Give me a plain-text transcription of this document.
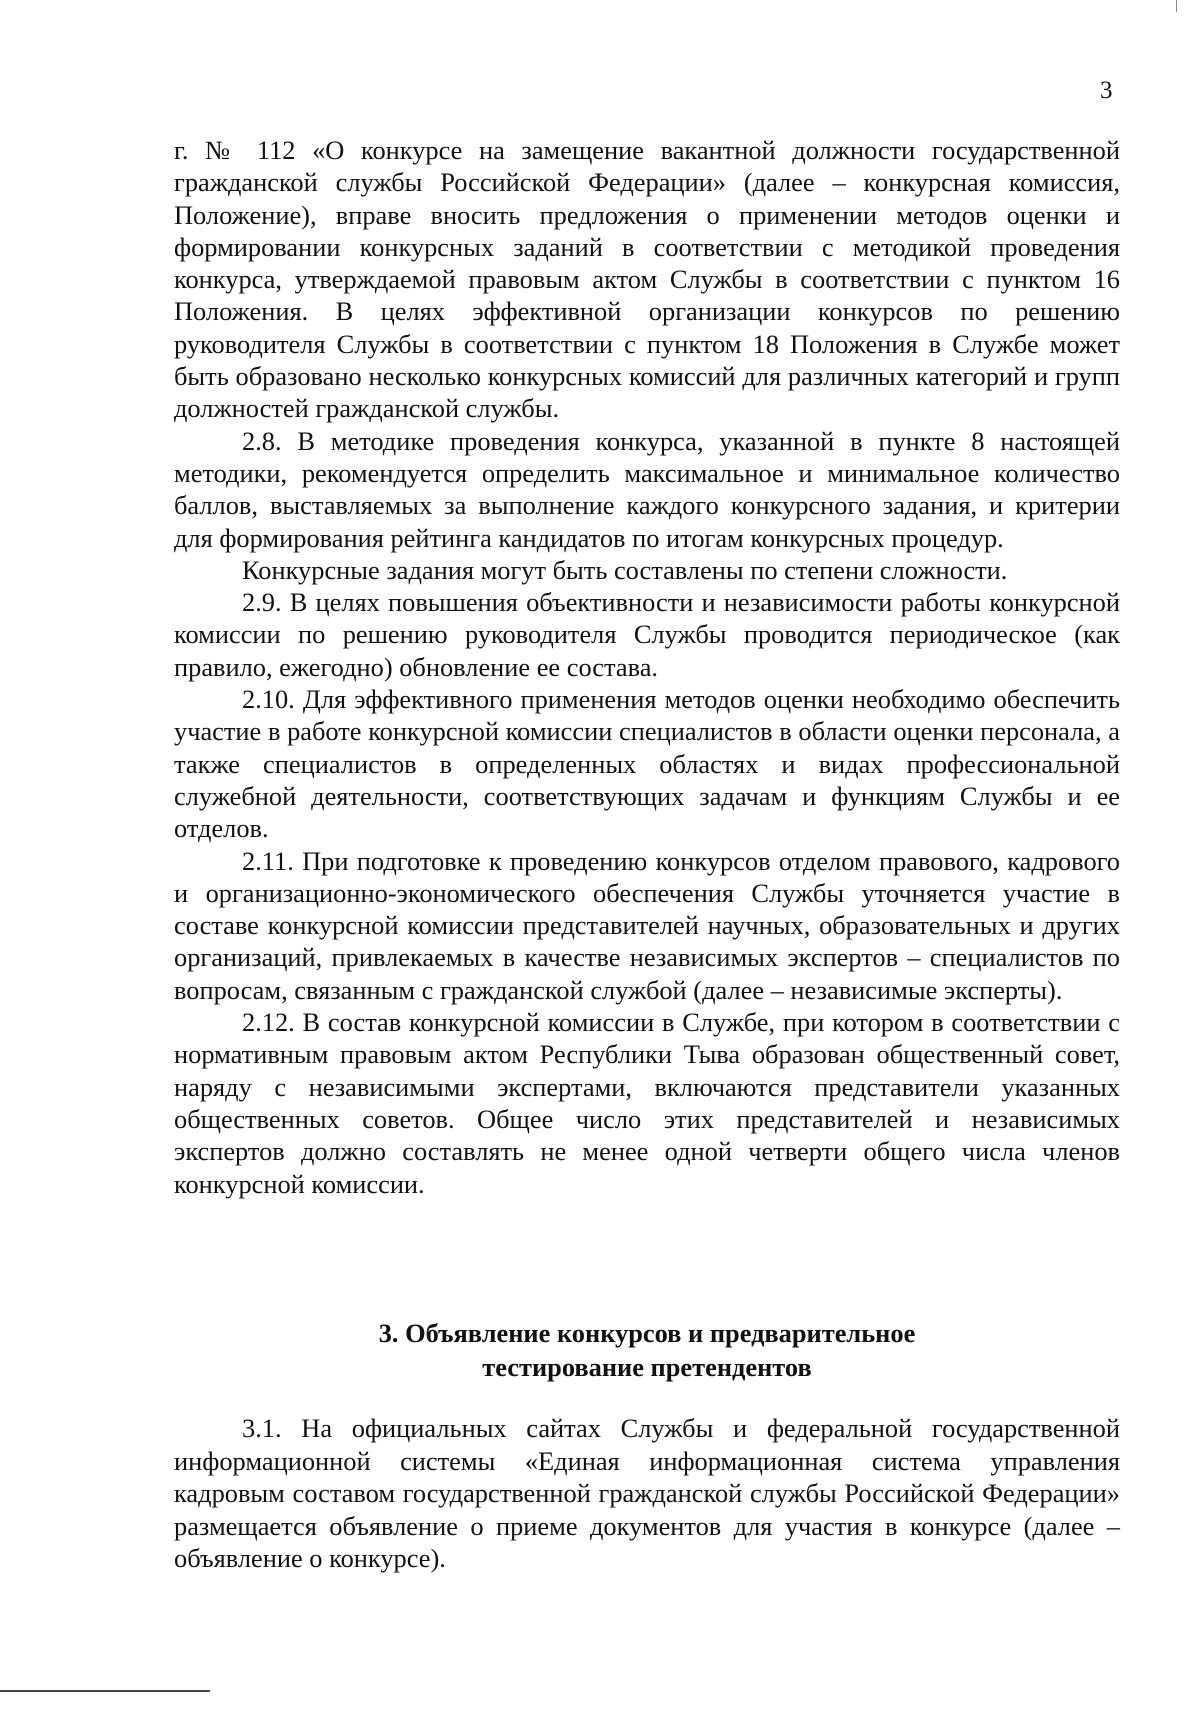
3

г. № 112 «О конкурсе на замещение вакантной должности государственной гражданской службы Российской Федерации» (далее – конкурсная комиссия, Положение), вправе вносить предложения о применении методов оценки и формировании конкурсных заданий в соответствии с методикой проведения конкурса, утверждаемой правовым актом Службы в соответствии с пунктом 16 Положения. В целях эффективной организации конкурсов по решению руководителя Службы в соответствии с пунктом 18 Положения в Службе может быть образовано несколько конкурсных комиссий для различных категорий и групп должностей гражданской службы.

2.8. В методике проведения конкурса, указанной в пункте 8 настоящей методики, рекомендуется определить максимальное и минимальное количество баллов, выставляемых за выполнение каждого конкурсного задания, и критерии для формирования рейтинга кандидатов по итогам конкурсных процедур.

Конкурсные задания могут быть составлены по степени сложности.

2.9. В целях повышения объективности и независимости работы конкурсной комиссии по решению руководителя Службы проводится периодическое (как правило, ежегодно) обновление ее состава.

2.10. Для эффективного применения методов оценки необходимо обеспечить участие в работе конкурсной комиссии специалистов в области оценки персонала, а также специалистов в определенных областях и видах профессиональной служебной деятельности, соответствующих задачам и функциям Службы и ее отделов.

2.11. При подготовке к проведению конкурсов отделом правового, кадрового и организационно-экономического обеспечения Службы уточняется участие в составе конкурсной комиссии представителей научных, образовательных и других организаций, привлекаемых в качестве независимых экспертов – специалистов по вопросам, связанным с гражданской службой (далее – независимые эксперты).

2.12. В состав конкурсной комиссии в Службе, при котором в соответствии с нормативным правовым актом Республики Тыва образован общественный совет, наряду с независимыми экспертами, включаются представители указанных общественных советов. Общее число этих представителей и независимых экспертов должно составлять не менее одной четверти общего числа членов конкурсной комиссии.

3. Объявление конкурсов и предварительное
тестирование претендентов

3.1. На официальных сайтах Службы и федеральной государственной информационной системы «Единая информационная система управления кадровым составом государственной гражданской службы Российской Федерации» размещается объявление о приеме документов для участия в конкурсе (далее – объявление о конкурсе).
